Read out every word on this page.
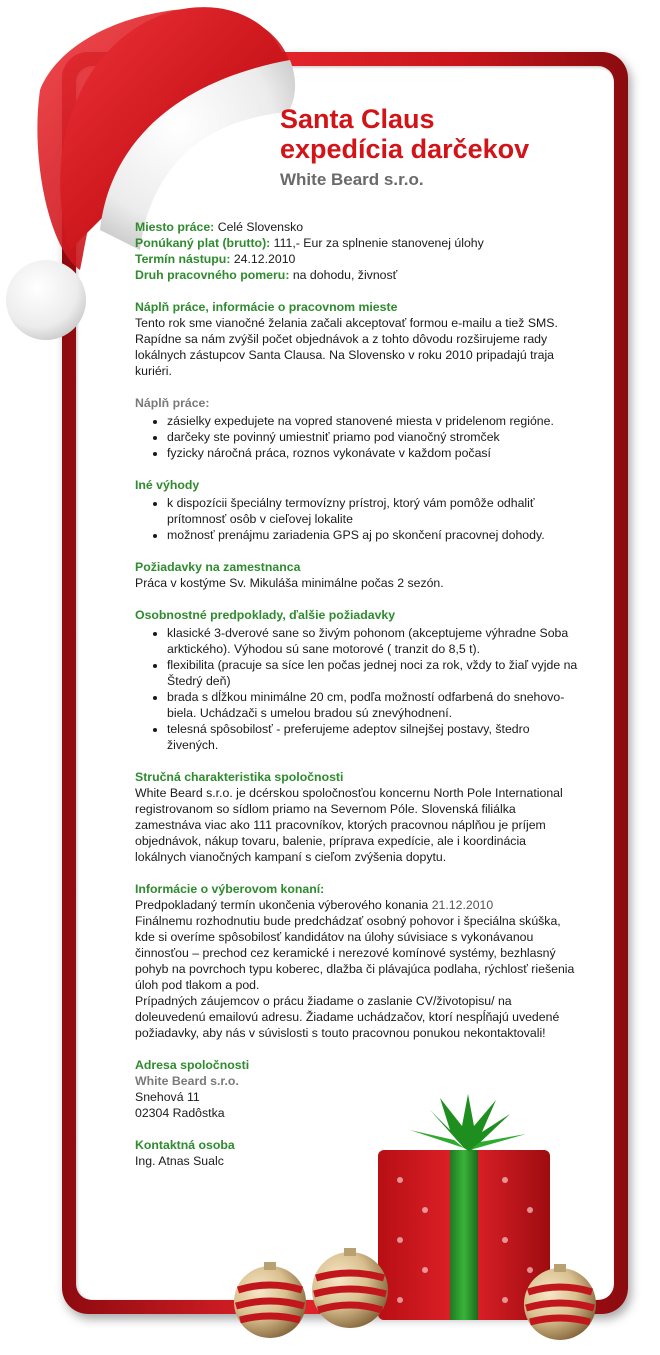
Santa Claus
expedícia darčekov
White Beard s.r.o.

Miesto práce: Celé Slovensko

Ponúkaný plat (brutto): 111,- Eur za splnenie stanovenej úlohy

Termín nástupu: 24.12.2010

Druh pracovného pomeru: na dohodu, živnosť

Náplň práce, informácie o pracovnom mieste

Tento rok sme vianočné želania začali akceptovať formou e-mailu a tiež SMS. Rapídne sa nám zvýšil počet objednávok a z tohto dôvodu rozširujeme rady lokálnych zástupcov Santa Clausa. Na Slovensko v roku 2010 pripadajú traja kuriéri.

Náplň práce:

• zásielky expedujete na vopred stanovené miesta v pridelenom regióne.
• darčeky ste povinný umiestniť priamo pod vianočný stromček
• fyzicky náročná práca, roznos vykonávate v každom počasí

Iné výhody

• k dispozícii špeciálny termovízny prístroj, ktorý vám pomôže odhaliť prítomnosť osôb v cieľovej lokalite
• možnosť prenájmu zariadenia GPS aj po skončení pracovnej dohody.

Požiadavky na zamestnanca

Práca v kostýme Sv. Mikuláša minimálne počas 2 sezón.

Osobnostné predpoklady, ďalšie požiadavky

• klasické 3-dverové sane so živým pohonom (akceptujeme výhradne Soba arktického). Výhodou sú sane motorové ( tranzit do 8,5 t).
• flexibilita (pracuje sa síce len počas jednej noci za rok, vždy to žiaľ vyjde na Štedrý deň)
• brada s dĺžkou minimálne 20 cm, podľa možností odfarbená do snehovo-biela. Uchádzači s umelou bradou sú znevýhodnení.
• telesná spôsobilosť - preferujeme adeptov silnejšej postavy, štedro živených.

Stručná charakteristika spoločnosti

White Beard s.r.o. je dcérskou spoločnosťou koncernu North Pole International registrovanom so sídlom priamo na Severnom Póle. Slovenská filiálka zamestnáva viac ako 111 pracovníkov, ktorých pracovnou náplňou je príjem objednávok, nákup tovaru, balenie, príprava expedície, ale i koordinácia lokálnych vianočných kampaní s cieľom zvýšenia dopytu.

Informácie o výberovom konaní:

Predpokladaný termín ukončenia výberového konania 21.12.2010

Finálnemu rozhodnutiu bude predchádzať osobný pohovor i špeciálna skúška, kde si overíme spôsobilosť kandidátov na úlohy súvisiace s vykonávanou činnosťou – prechod cez keramické i nerezové komínové systémy, bezhlasný pohyb na povrchoch typu koberec, dlažba či plávajúca podlaha, rýchlosť riešenia úloh pod tlakom a pod.

Prípadných záujemcov o prácu žiadame o zaslanie CV/životopisu/ na doleuvedenú emailovú adresu. Žiadame uchádzačov, ktorí nespĺňajú uvedené požiadavky, aby nás v súvislosti s touto pracovnou ponukou nekontaktovali!

Adresa spoločnosti

White Beard s.r.o.

Snehová 11

02304 Radôstka

Kontaktná osoba

Ing. Atnas Sualc
